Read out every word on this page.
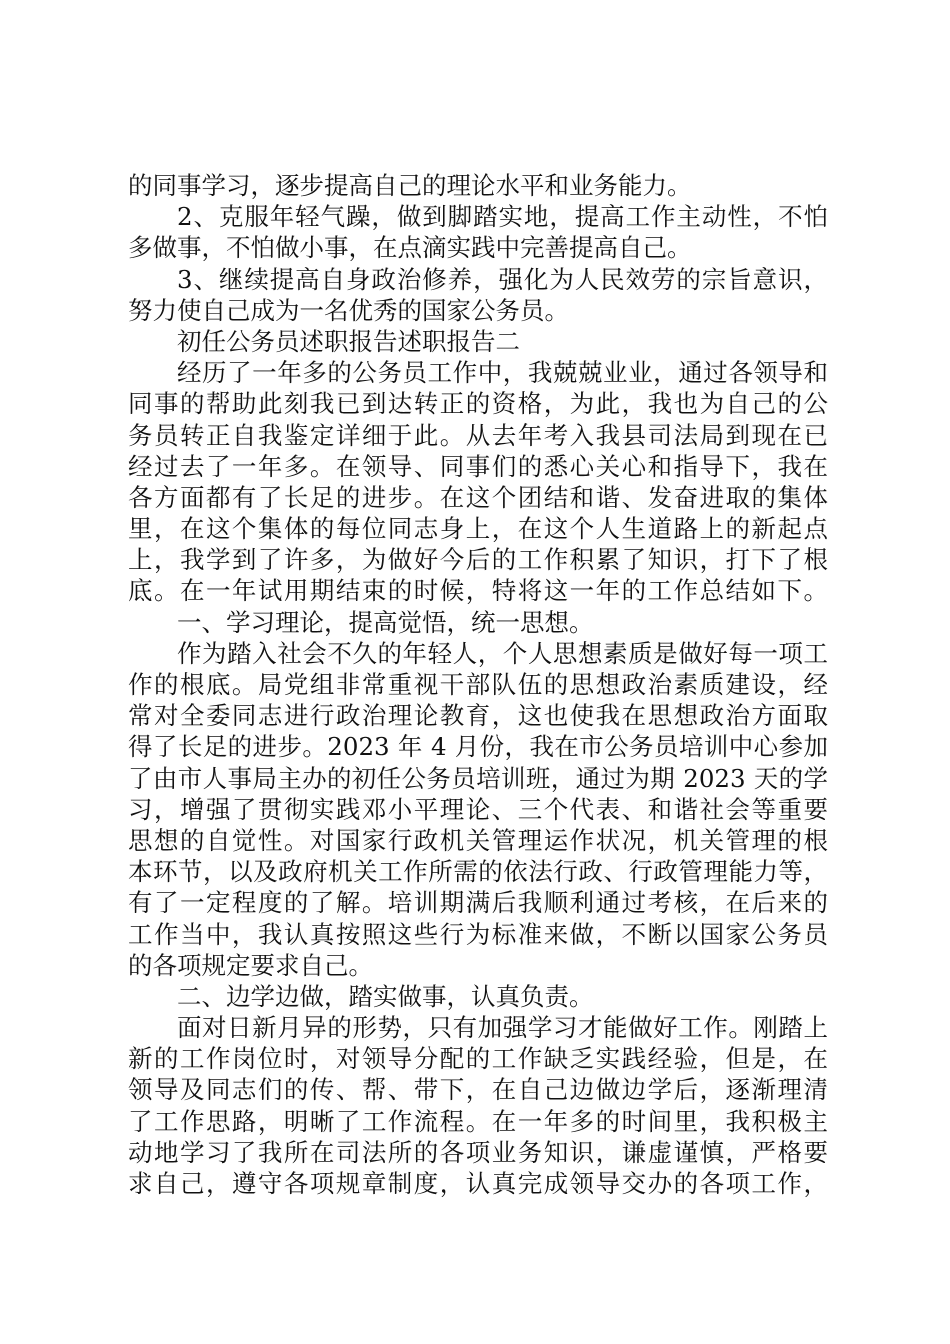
的同事学习，逐步提高自己的理论水平和业务能力。
2、克服年轻气躁，做到脚踏实地，提高工作主动性，不怕
多做事，不怕做小事，在点滴实践中完善提高自己。
3、继续提高自身政治修养，强化为人民效劳的宗旨意识，
努力使自己成为一名优秀的国家公务员。
初任公务员述职报告述职报告二
经历了一年多的公务员工作中，我兢兢业业，通过各领导和
同事的帮助此刻我已到达转正的资格，为此，我也为自己的公
务员转正自我鉴定详细于此。从去年考入我县司法局到现在已
经过去了一年多。在领导、同事们的悉心关心和指导下，我在
各方面都有了长足的进步。在这个团结和谐、发奋进取的集体
里，在这个集体的每位同志身上，在这个人生道路上的新起点
上，我学到了许多，为做好今后的工作积累了知识，打下了根
底。在一年试用期结束的时候，特将这一年的工作总结如下。
一、学习理论，提高觉悟，统一思想。
作为踏入社会不久的年轻人，个人思想素质是做好每一项工
作的根底。局党组非常重视干部队伍的思想政治素质建设，经
常对全委同志进行政治理论教育，这也使我在思想政治方面取
得了长足的进步。2023 年 4 月份，我在市公务员培训中心参加
了由市人事局主办的初任公务员培训班，通过为期 2023 天的学
习，增强了贯彻实践邓小平理论、三个代表、和谐社会等重要
思想的自觉性。对国家行政机关管理运作状况，机关管理的根
本环节，以及政府机关工作所需的依法行政、行政管理能力等，
有了一定程度的了解。培训期满后我顺利通过考核，在后来的
工作当中，我认真按照这些行为标准来做，不断以国家公务员
的各项规定要求自己。
二、边学边做，踏实做事，认真负责。
面对日新月异的形势，只有加强学习才能做好工作。刚踏上
新的工作岗位时，对领导分配的工作缺乏实践经验，但是，在
领导及同志们的传、帮、带下，在自己边做边学后，逐渐理清
了工作思路，明晰了工作流程。在一年多的时间里，我积极主
动地学习了我所在司法所的各项业务知识，谦虚谨慎，严格要
求自己，遵守各项规章制度，认真完成领导交办的各项工作，
